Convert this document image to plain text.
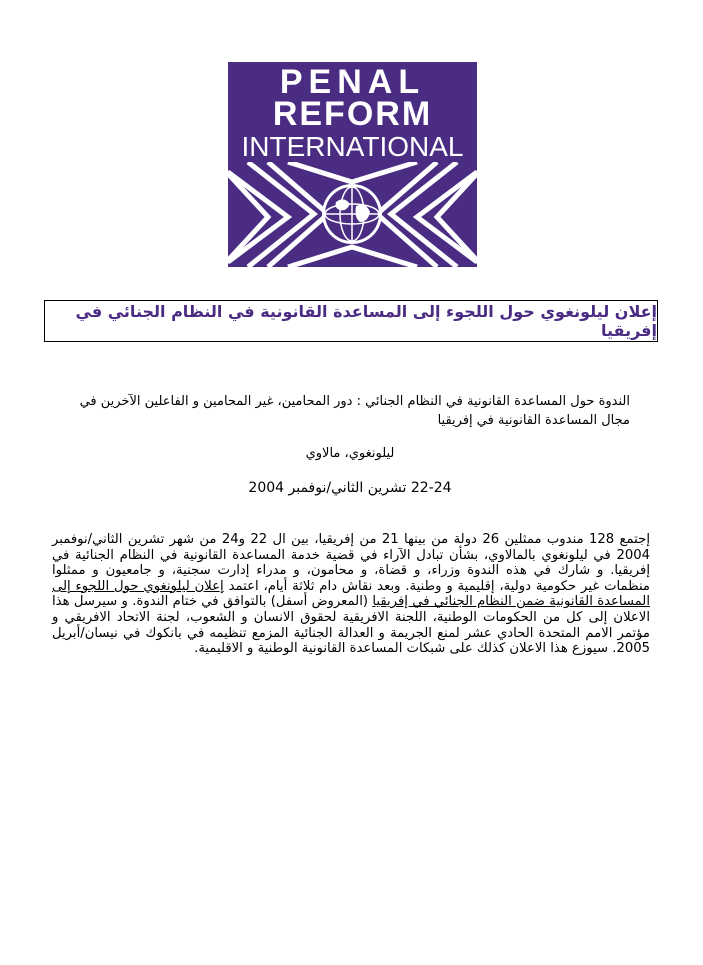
PENAL
REFORM
INTERNATIONAL
إعلان ليلونغوي حول اللجوء إلى المساعدة القانونية في النظام الجنائي في إفريقيا
الندوة حول المساعدة القانونية في النظام الجنائي : دور المحامين، غير المحامين و الفاعلين الآخرين في مجال المساعدة القانونية في إفريقيا
ليلونغوي، مالاوي
22-24 تشرين الثاني/نوفمبر 2004
إجتمع 128 مندوب ممثلين 26 دولة من بينها 21 من إفريقيا، بين ال 22 و24 من شهر تشرين الثاني/نوفمبر 2004 في ليلونغوي بالمالاوي، بشأن تبادل الآراء في قضية خدمة المساعدة القانونية في النظام الجنائية في إفريقيا. و شارك في هذه الندوة وزراء، و قضاة، و محامون، و مدراء إدارت سجنية، و جامعيون و ممثلوا منظمات غير حكومية دولية، إقليمية و وطنية. وبعد نقاش دام ثلاثة أيام، اعتمد إعلان ليلونغوي حول اللجوء إلى المساعدة القانونية ضمن النظام الجنائي في إفريقيا (المعروض أسفل) بالتوافق في ختام الندوة. و سيرسل هذا الاعلان إلى كل من الحكومات الوطنية، اللجنة الافريقية لحقوق الانسان و الشعوب، لجنة الاتحاد الافريقي و مؤتمر الامم المتحدة الحادي عشر لمنع الجريمة و العدالة الجنائية المزمع تنظيمه في بانكوك في نيسان/أبريل 2005. سيوزع هذا الاعلان كذلك على شبكات المساعدة القانونية الوطنية و الاقليمية.
